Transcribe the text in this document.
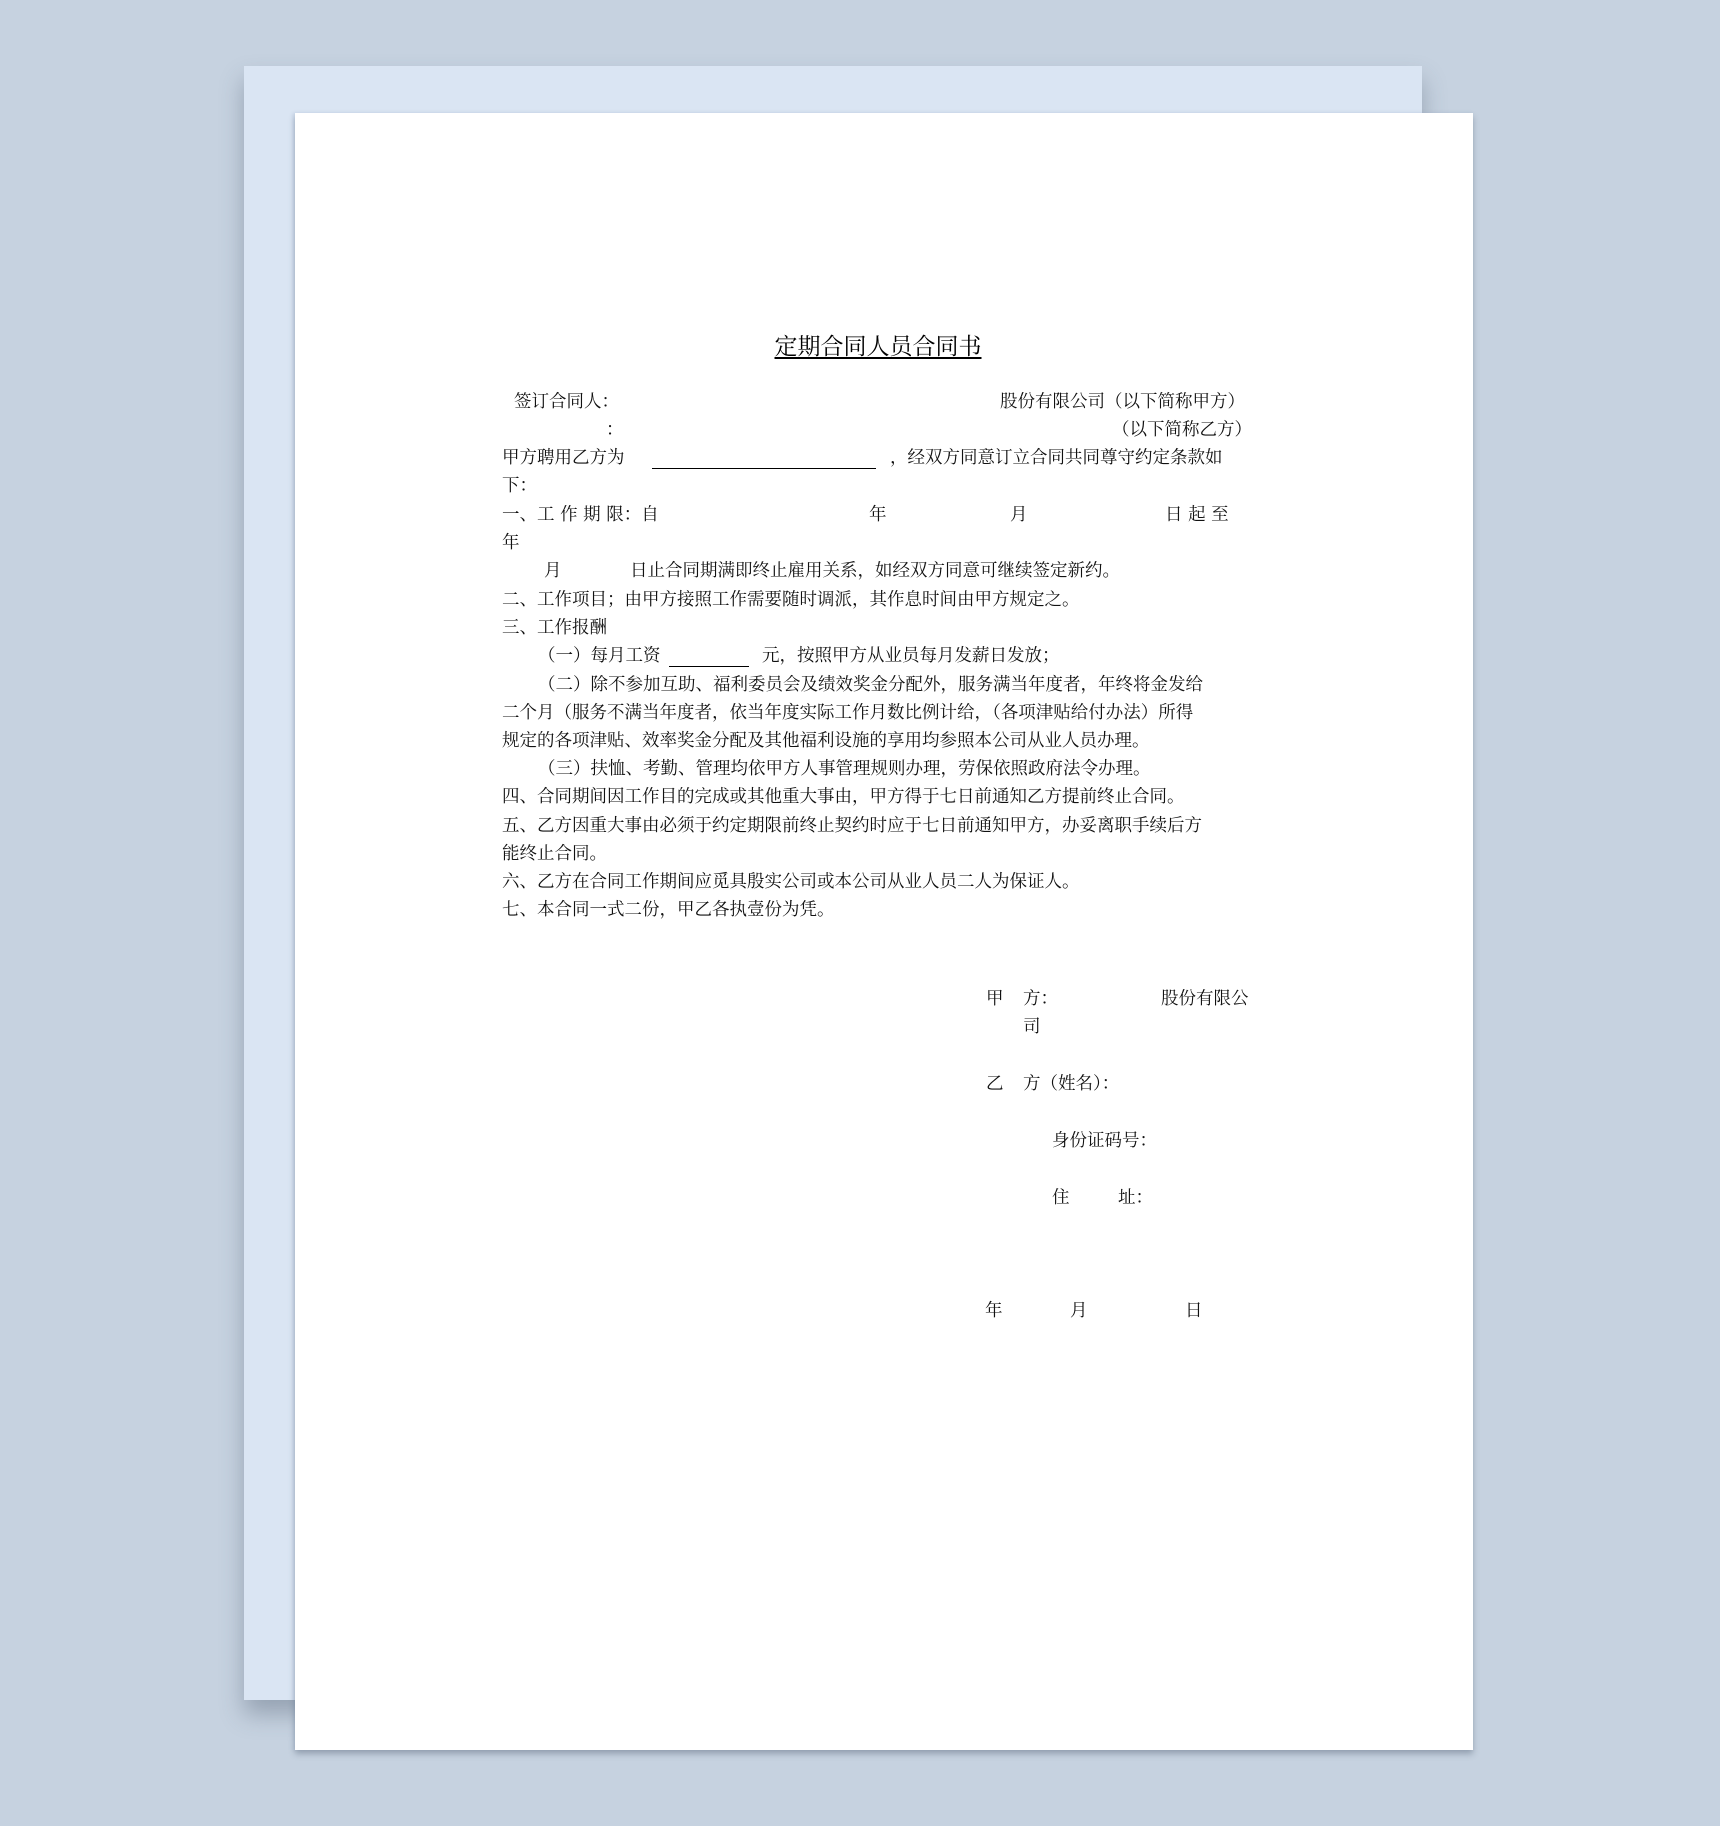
定期合同人员合同书
签订合同人：	股份有限公司（以下简称甲方）
：	（以下简称乙方）
甲方聘用乙方为	，经双方同意订立合同共同尊守约定条款如
下：
一、工 作 期 限：自	年	月	日 起 至
年
月	日止合同期满即终止雇用关系，如经双方同意可继续签定新约。
二、工作项目；由甲方接照工作需要随时调派，其作息时间由甲方规定之。
三、工作报酬
（一）每月工资	元，按照甲方从业员每月发薪日发放；
（二）除不参加互助、福利委员会及绩效奖金分配外，服务满当年度者，年终将金发给
二个月（服务不满当年度者，依当年度实际工作月数比例计给，（各项津贴给付办法）所得
规定的各项津贴、效率奖金分配及其他福利设施的享用均参照本公司从业人员办理。
（三）扶恤、考勤、管理均依甲方人事管理规则办理，劳保依照政府法令办理。
四、合同期间因工作目的完成或其他重大事由，甲方得于七日前通知乙方提前终止合同。
五、乙方因重大事由必须于约定期限前终止契约时应于七日前通知甲方，办妥离职手续后方
能终止合同。
六、乙方在合同工作期间应觅具殷实公司或本公司从业人员二人为保证人。
七、本合同一式二份，甲乙各执壹份为凭。
甲 方：	股份有限公
司
乙 方（姓名）：
身份证码号：
住	址：
年	月	日
